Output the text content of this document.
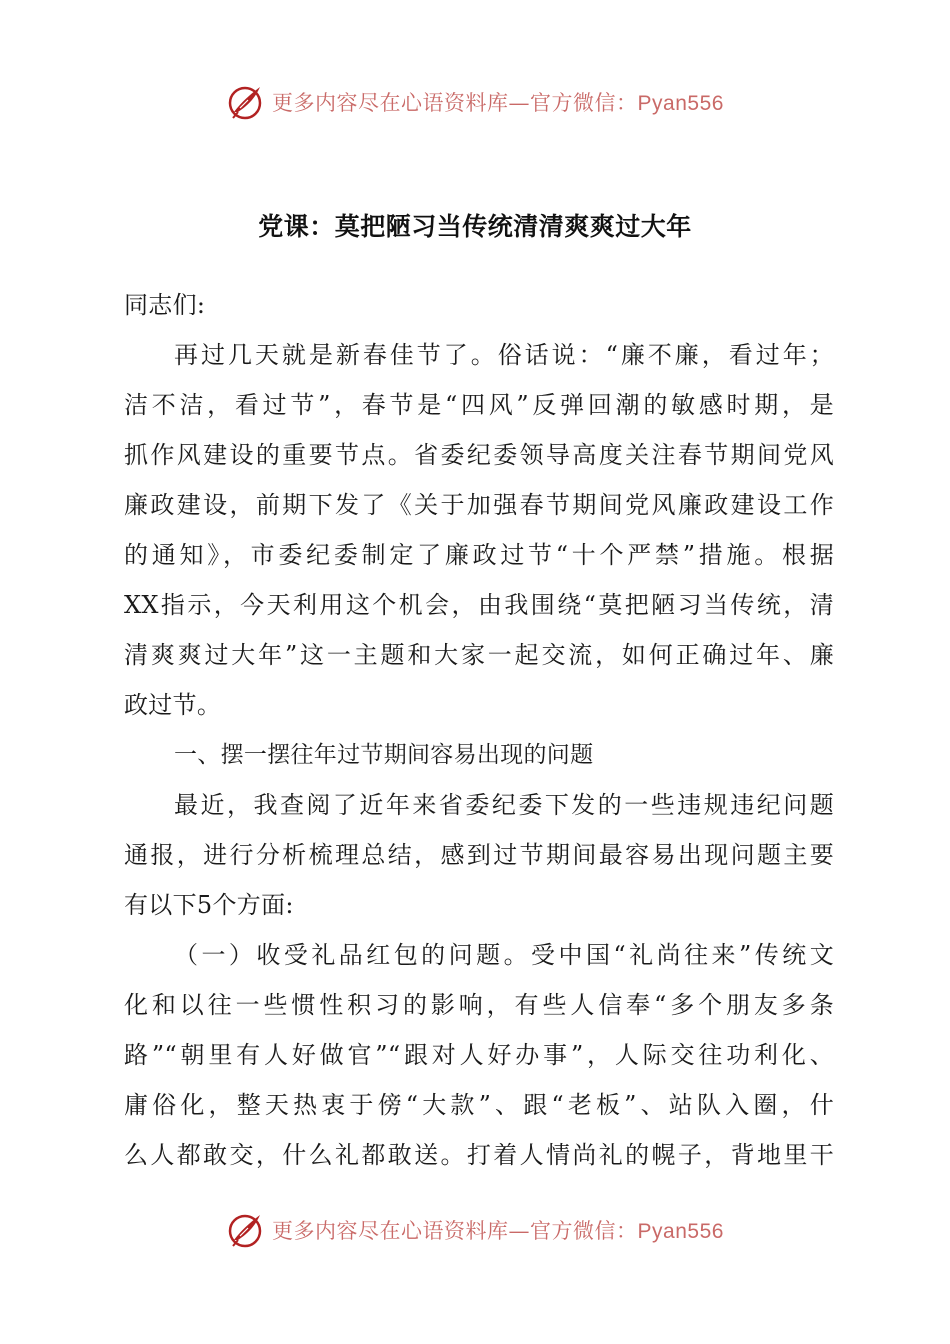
更多内容尽在心语资料库—官方微信：Pyan556
党课：莫把陋习当传统清清爽爽过大年
同志们:
再过几天就是新春佳节了。俗话说：“廉不廉，看过年；
洁不洁，看过节”，春节是“四风”反弹回潮的敏感时期，是
抓作风建设的重要节点。省委纪委领导高度关注春节期间党风
廉政建设，前期下发了《关于加强春节期间党风廉政建设工作
的通知》，市委纪委制定了廉政过节“十个严禁”措施。根据
XX指示，今天利用这个机会，由我围绕“莫把陋习当传统，清
清爽爽过大年”这一主题和大家一起交流，如何正确过年、廉
政过节。
一、摆一摆往年过节期间容易出现的问题
最近，我查阅了近年来省委纪委下发的一些违规违纪问题
通报，进行分析梳理总结，感到过节期间最容易出现问题主要
有以下5个方面:
（一）收受礼品红包的问题。受中国“礼尚往来”传统文
化和以往一些惯性积习的影响，有些人信奉“多个朋友多条
路”“朝里有人好做官”“跟对人好办事”，人际交往功利化、
庸俗化，整天热衷于傍“大款”、跟“老板”、站队入圈，什
么人都敢交，什么礼都敢送。打着人情尚礼的幌子，背地里干
更多内容尽在心语资料库—官方微信：Pyan556
